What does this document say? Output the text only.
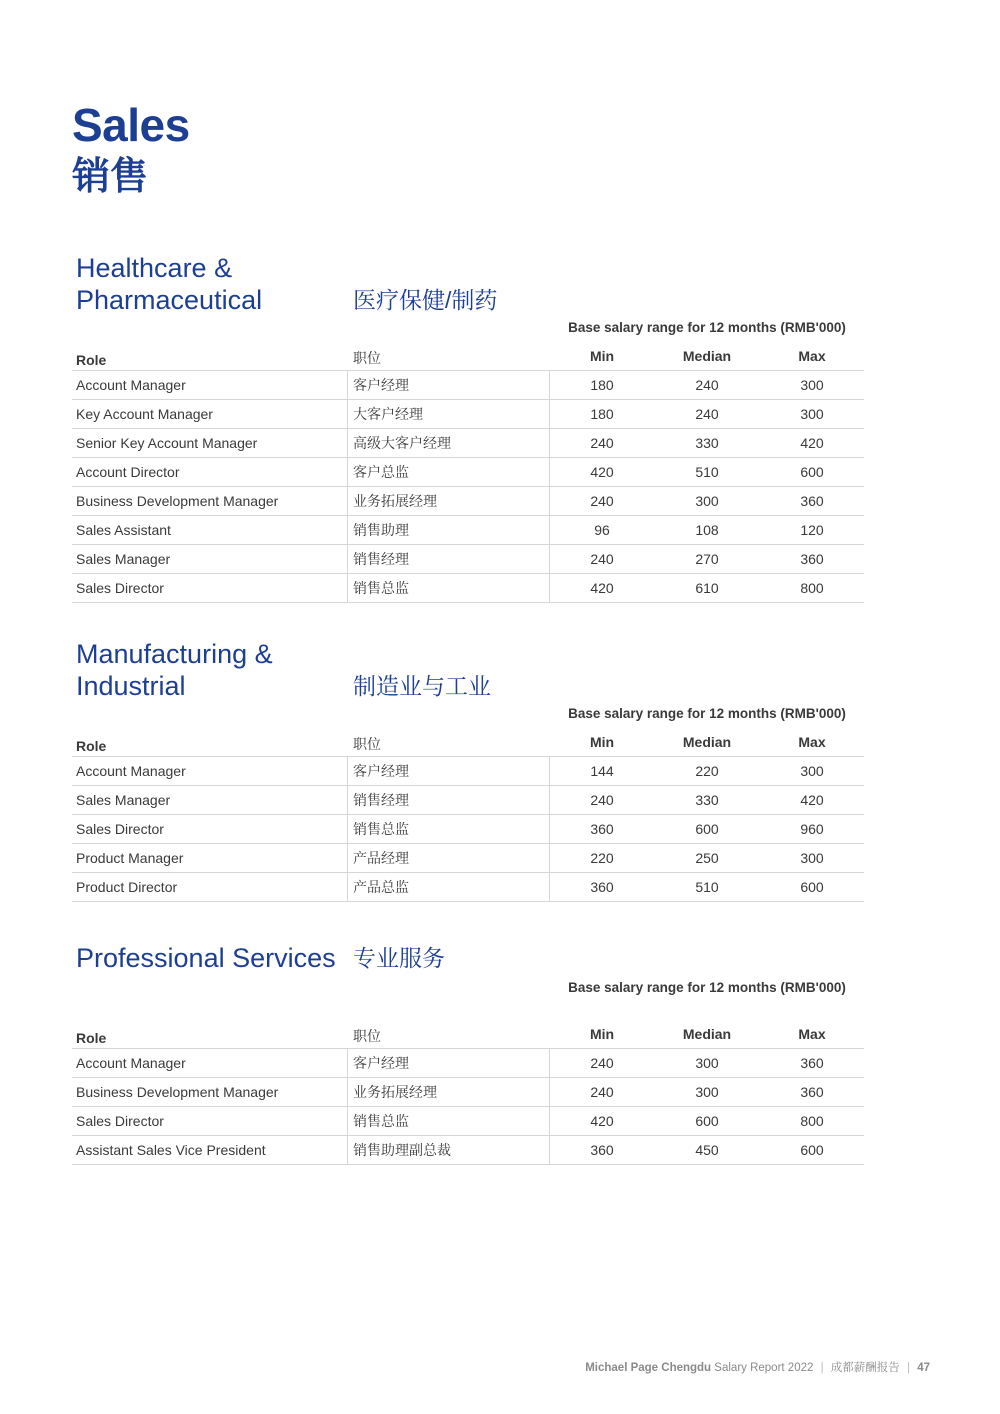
Sales
销售
Healthcare &
Pharmaceutical	医疗保健/制药
Base salary range for 12 months (RMB'000)
Role	职位	Min	Median	Max
Account Manager	客户经理	180	240	300
Key Account Manager	大客户经理	180	240	300
Senior Key Account Manager	高级大客户经理	240	330	420
Account Director	客户总监	420	510	600
Business Development Manager	业务拓展经理	240	300	360
Sales Assistant	销售助理	96	108	120
Sales Manager	销售经理	240	270	360
Sales Director	销售总监	420	610	800
Manufacturing &
Industrial	制造业与工业
Base salary range for 12 months (RMB'000)
Role	职位	Min	Median	Max
Account Manager	客户经理	144	220	300
Sales Manager	销售经理	240	330	420
Sales Director	销售总监	360	600	960
Product Manager	产品经理	220	250	300
Product Director	产品总监	360	510	600
Professional Services 专业服务
Base salary range for 12 months (RMB'000)
Role	职位	Min	Median	Max
Account Manager	客户经理	240	300	360
Business Development Manager	业务拓展经理	240	300	360
Sales Director	销售总监	420	600	800
Assistant Sales Vice President	销售助理副总裁	360	450	600
Michael Page Chengdu Salary Report 2022 | 成都薪酬报告 | 47
